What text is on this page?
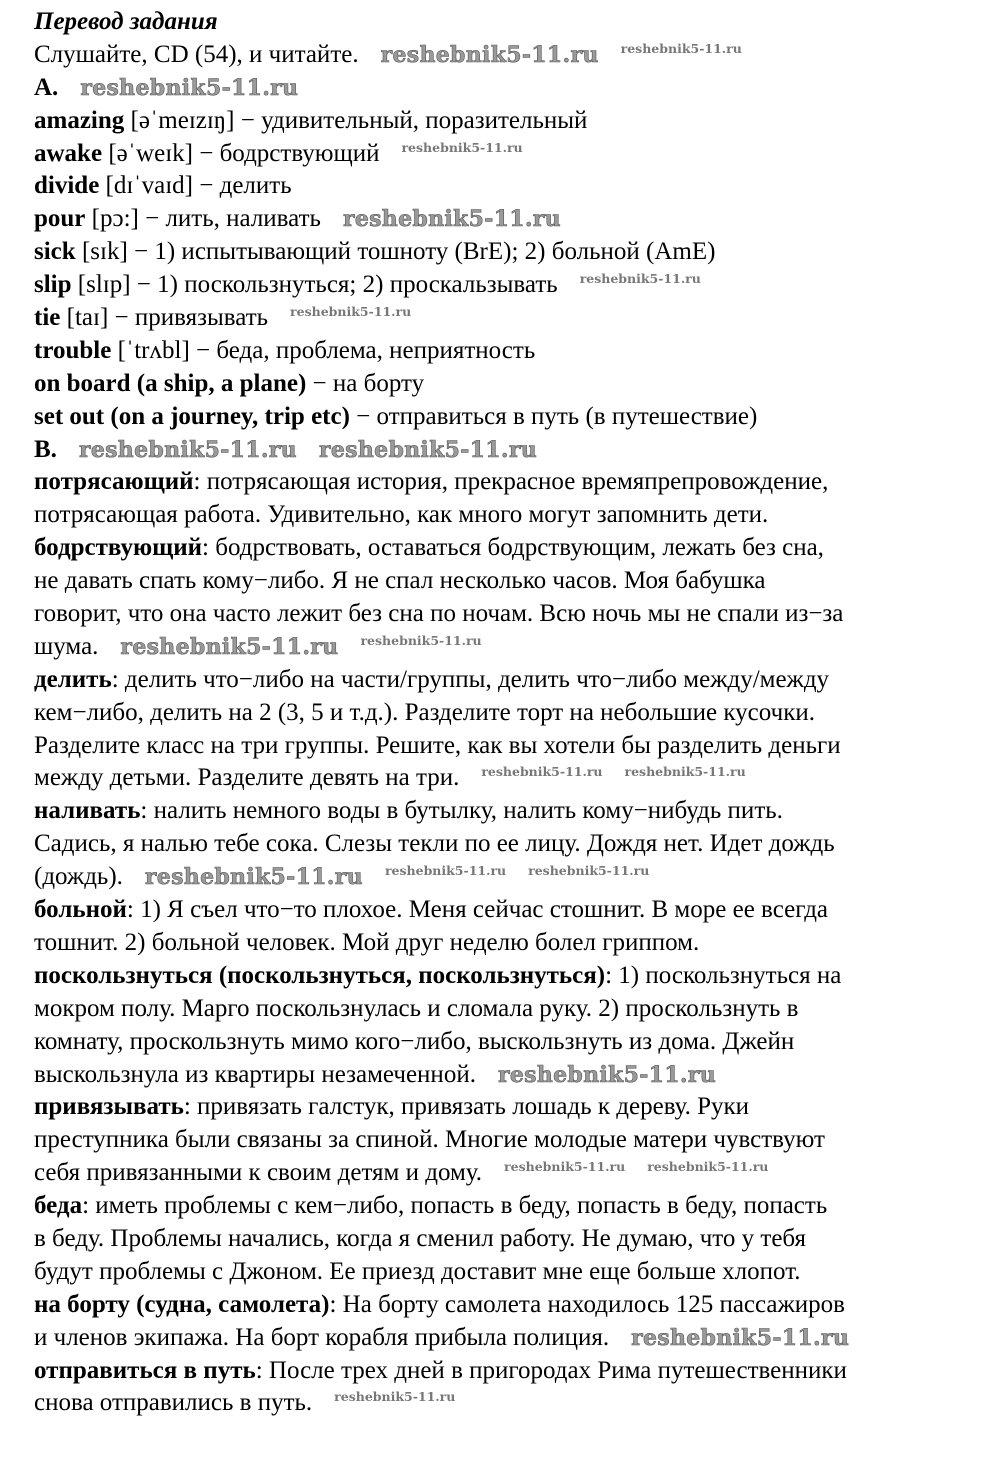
Перевод задания
Слушайте, CD (54), и читайте. reshebnik5-11.ru reshebnik5-11.ru
A. reshebnik5-11.ru
amazing [əˈmeɪzɪŋ] − удивительный, поразительный
awake [əˈweɪk] − бодрствующий reshebnik5-11.ru
divide [dɪˈvaɪd] − делить
pour [pɔ:] − лить, наливать reshebnik5-11.ru
sick [sɪk] − 1) испытывающий тошноту (BrE); 2) больной (AmE)
slip [slɪp] − 1) поскользнуться; 2) проскальзывать reshebnik5-11.ru
tie [taɪ] − привязывать reshebnik5-11.ru
trouble [ˈtrʌbl] − беда, проблема, неприятность
on board (a ship, a plane) − на борту
set out (on a journey, trip etc) − отправиться в путь (в путешествие)
B. reshebnik5-11.ru reshebnik5-11.ru
потрясающий: потрясающая история, прекрасное времяпрепровождение,
потрясающая работа. Удивительно, как много могут запомнить дети.
бодрствующий: бодрствовать, оставаться бодрствующим, лежать без сна,
не давать спать кому−либо. Я не спал несколько часов. Моя бабушка
говорит, что она часто лежит без сна по ночам. Всю ночь мы не спали из−за
шума. reshebnik5-11.ru reshebnik5-11.ru
делить: делить что−либо на части/группы, делить что−либо между/между
кем−либо, делить на 2 (3, 5 и т.д.). Разделите торт на небольшие кусочки.
Разделите класс на три группы. Решите, как вы хотели бы разделить деньги
между детьми. Разделите девять на три. reshebnik5-11.ru reshebnik5-11.ru
наливать: налить немного воды в бутылку, налить кому−нибудь пить.
Садись, я налью тебе сока. Слезы текли по ее лицу. Дождя нет. Идет дождь
(дождь). reshebnik5-11.ru reshebnik5-11.ru reshebnik5-11.ru
больной: 1) Я съел что−то плохое. Меня сейчас стошнит. В море ее всегда
тошнит. 2) больной человек. Мой друг неделю болел гриппом.
поскользнуться (поскользнуться, поскользнуться): 1) поскользнуться на
мокром полу. Марго поскользнулась и сломала руку. 2) проскользнуть в
комнату, проскользнуть мимо кого−либо, выскользнуть из дома. Джейн
выскользнула из квартиры незамеченной. reshebnik5-11.ru
привязывать: привязать галстук, привязать лошадь к дереву. Руки
преступника были связаны за спиной. Многие молодые матери чувствуют
себя привязанными к своим детям и дому. reshebnik5-11.ru reshebnik5-11.ru
беда: иметь проблемы с кем−либо, попасть в беду, попасть в беду, попасть
в беду. Проблемы начались, когда я сменил работу. Не думаю, что у тебя
будут проблемы с Джоном. Ее приезд доставит мне еще больше хлопот.
на борту (судна, самолета): На борту самолета находилось 125 пассажиров
и членов экипажа. На борт корабля прибыла полиция. reshebnik5-11.ru
отправиться в путь: После трех дней в пригородах Рима путешественники
снова отправились в путь. reshebnik5-11.ru
